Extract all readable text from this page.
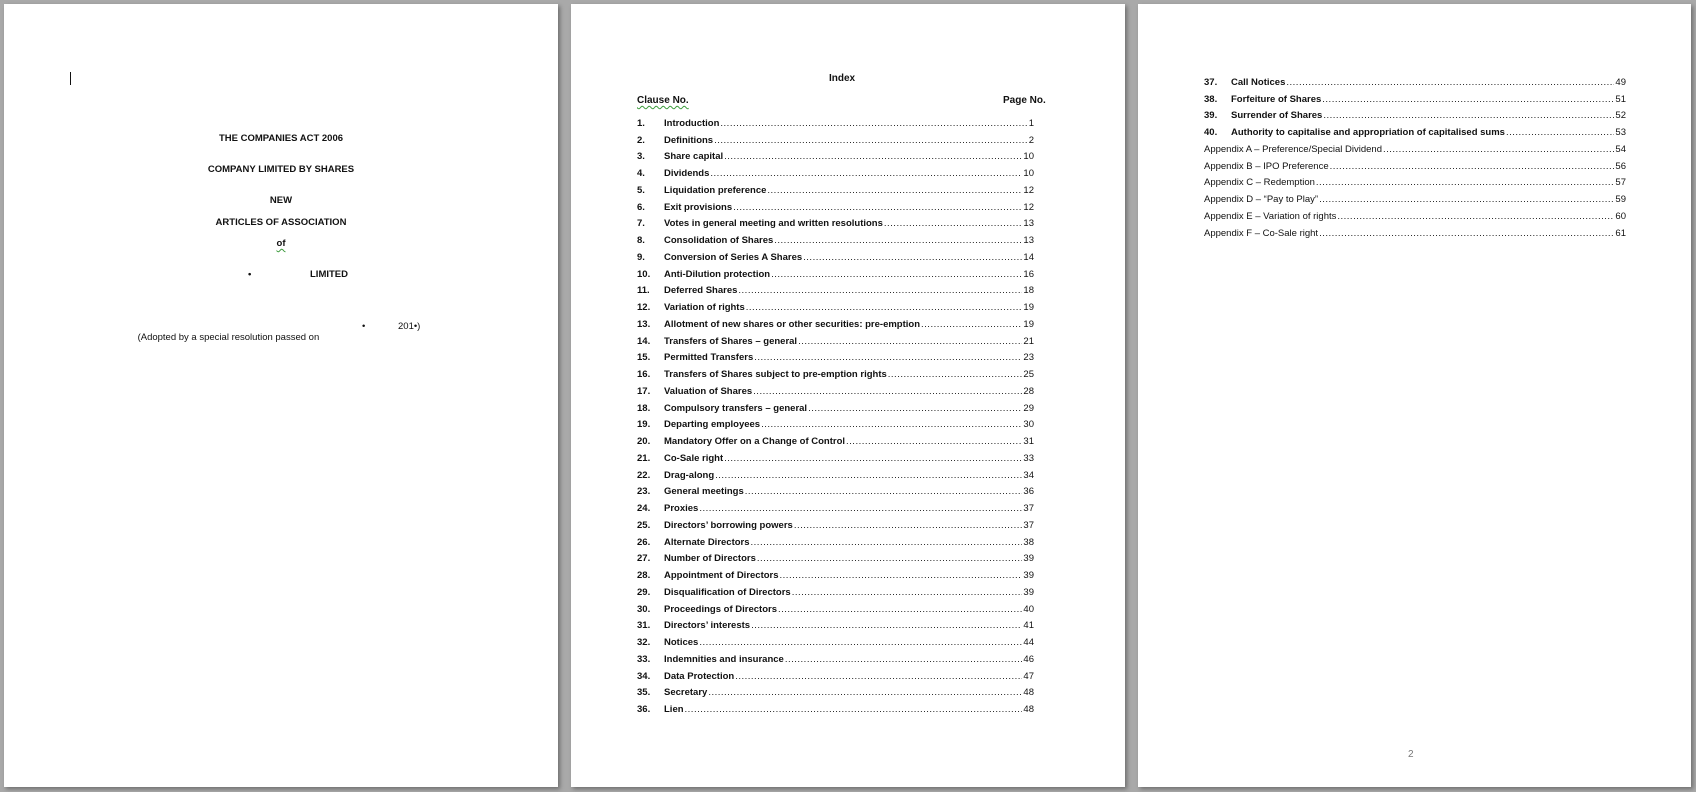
THE COMPANIES ACT 2006
COMPANY LIMITED BY SHARES
NEW
ARTICLES OF ASSOCIATION
of
•	LIMITED

(Adopted by a special resolution passed on

•	201•)
Index
Clause No.	Page No.
1.	Introduction .....	1
2.	Definitions .....	2
3.	Share capital .....	10
4.	Dividends .....	10
5.	Liquidation preference .....	12
6.	Exit provisions .....	12
7.	Votes in general meeting and written resolutions .....	13
8.	Consolidation of Shares .....	13
9.	Conversion of Series A Shares .....	14
10.	Anti-Dilution protection .....	16
11.	Deferred Shares .....	18
12.	Variation of rights .....	19
13.	Allotment of new shares or other securities: pre-emption .....	19
14.	Transfers of Shares – general .....	21
15.	Permitted Transfers .....	23
16.	Transfers of Shares subject to pre-emption rights .....	25
17.	Valuation of Shares .....	28
18.	Compulsory transfers – general .....	29
19.	Departing employees .....	30
20.	Mandatory Offer on a Change of Control .....	31
21.	Co-Sale right .....	33
22.	Drag-along .....	34
23.	General meetings .....	36
24.	Proxies .....	37
25.	Directors’ borrowing powers .....	37
26.	Alternate Directors .....	38
27.	Number of Directors .....	39
28.	Appointment of Directors .....	39
29.	Disqualification of Directors .....	39
30.	Proceedings of Directors .....	40
31.	Directors’ interests .....	41
32.	Notices .....	44
33.	Indemnities and insurance .....	46
34.	Data Protection .....	47
35.	Secretary .....	48
36.	Lien .....	48
37.	Call Notices .....	49
38.	Forfeiture of Shares .....	51
39.	Surrender of Shares .....	52
40.	Authority to capitalise and appropriation of capitalised sums .....	53
Appendix A – Preference/Special Dividend .....	54
Appendix B – IPO Preference .....	56
Appendix C – Redemption .....	57
Appendix D – “Pay to Play” .....	59
Appendix E – Variation of rights .....	60
Appendix F – Co-Sale right .....	61
2
